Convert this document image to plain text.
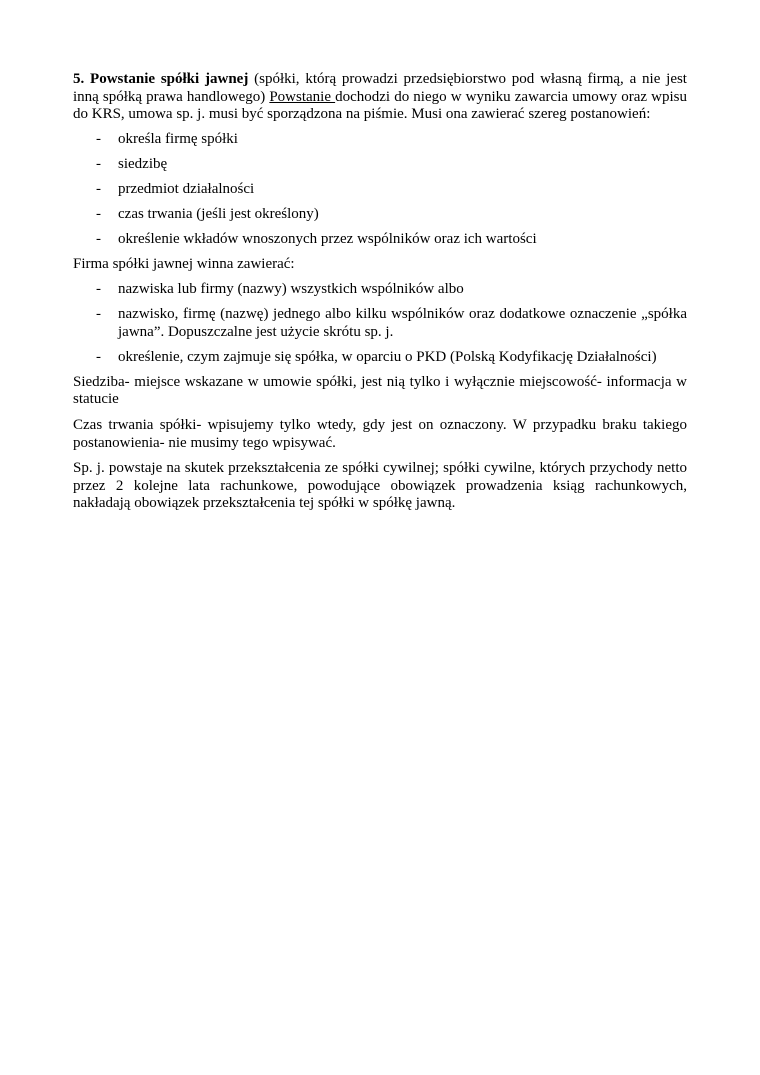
5. Powstanie spółki jawnej (spółki, którą prowadzi przedsiębiorstwo pod własną firmą, a nie jest inną spółką prawa handlowego) Powstanie dochodzi do niego w wyniku zawarcia umowy oraz wpisu do KRS, umowa sp. j. musi być sporządzona na piśmie. Musi ona zawierać szereg postanowień:

- określa firmę spółki
- siedzibę
- przedmiot działalności
- czas trwania (jeśli jest określony)
- określenie wkładów wnoszonych przez wspólników oraz ich wartości

Firma spółki jawnej winna zawierać:

- nazwiska lub firmy (nazwy) wszystkich wspólników albo
- nazwisko, firmę (nazwę) jednego albo kilku wspólników oraz dodatkowe oznaczenie „spółka jawna”. Dopuszczalne jest użycie skrótu sp. j.
- określenie, czym zajmuje się spółka, w oparciu o PKD (Polską Kodyfikację Działalności)

Siedziba- miejsce wskazane w umowie spółki, jest nią tylko i wyłącznie miejscowość- informacja w statucie

Czas trwania spółki- wpisujemy tylko wtedy, gdy jest on oznaczony. W przypadku braku takiego postanowienia- nie musimy tego wpisywać.

Sp. j. powstaje na skutek przekształcenia ze spółki cywilnej; spółki cywilne, których przychody netto przez 2 kolejne lata rachunkowe, powodujące obowiązek prowadzenia ksiąg rachunkowych, nakładają obowiązek przekształcenia tej spółki w spółkę jawną.
